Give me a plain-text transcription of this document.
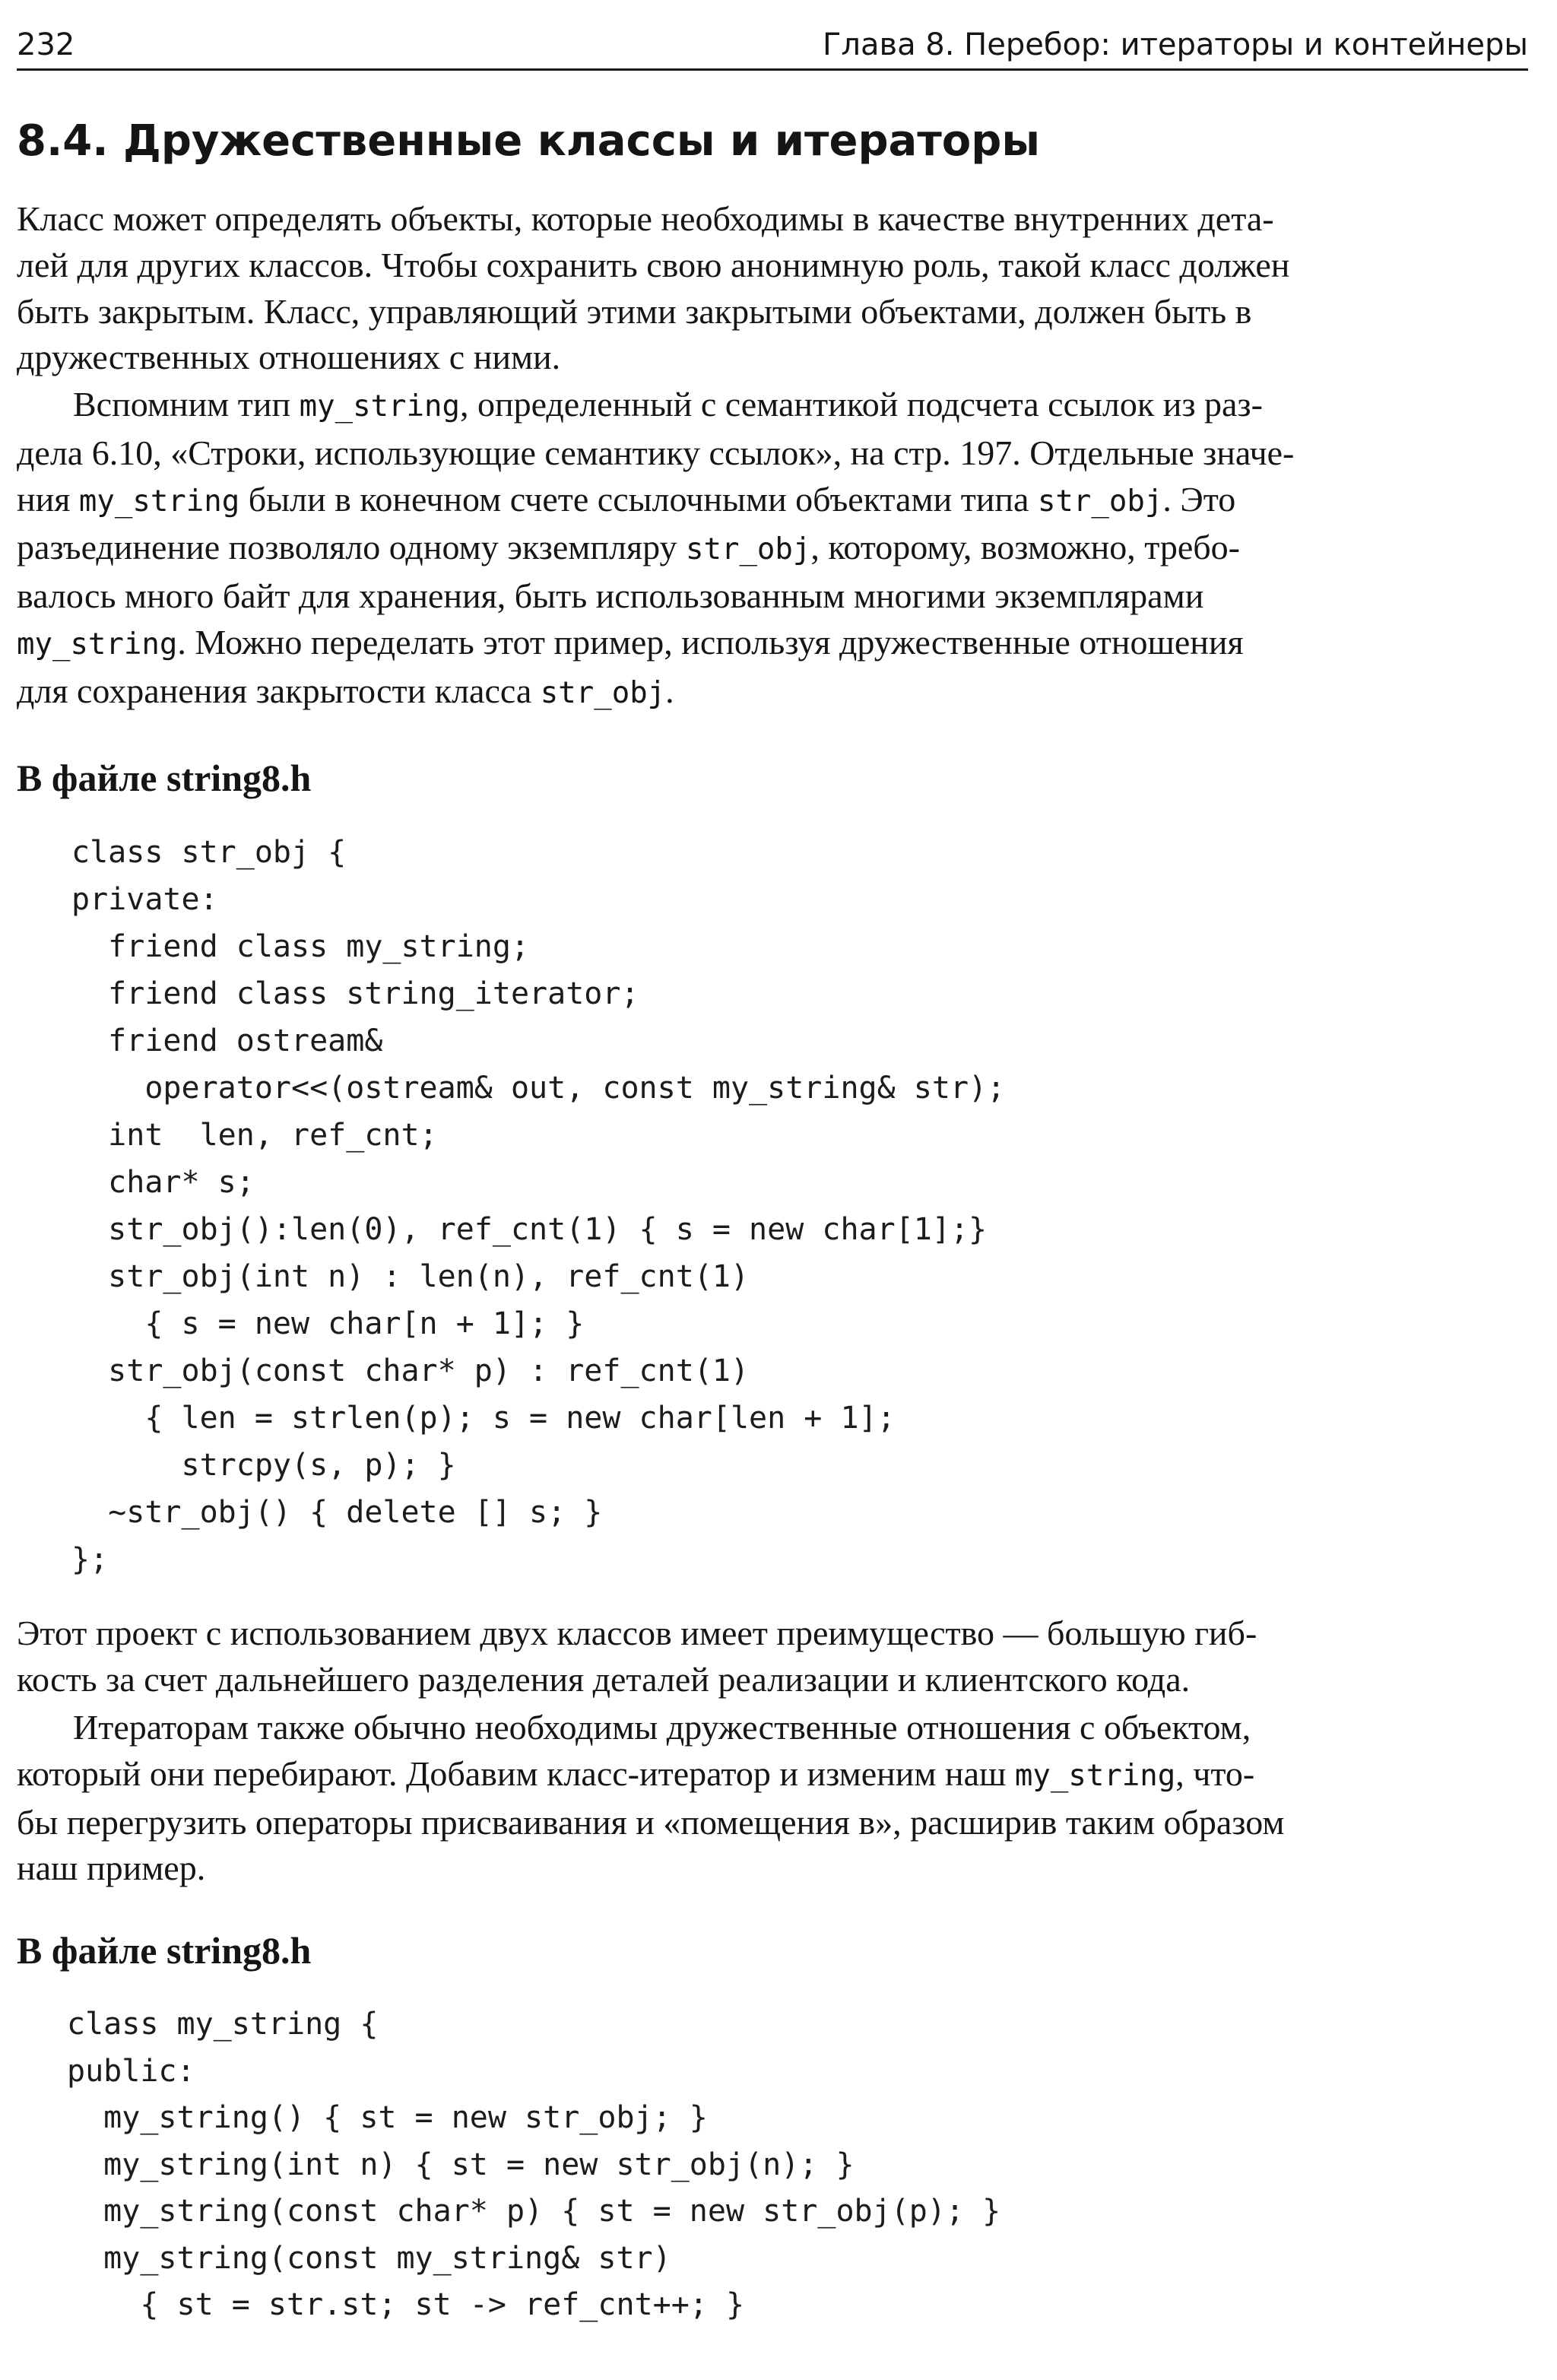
232	Глава 8. Перебор: итераторы и контейнеры
8.4. Дружественные классы и итераторы

Класс может определять объекты, которые необходимы в качестве внутренних дета-
лей для других классов. Чтобы сохранить свою анонимную роль, такой класс должен
быть закрытым. Класс, управляющий этими закрытыми объектами, должен быть в
дружественных отношениях с ними.

Вспомним тип my_string, определенный с семантикой подсчета ссылок из раз-
дела 6.10, «Строки, использующие семантику ссылок», на стр. 197. Отдельные значе-
ния my_string были в конечном счете ссылочными объектами типа str_obj. Это
разъединение позволяло одному экземпляру str_obj, которому, возможно, требо-
валось много байт для хранения, быть использованным многими экземплярами
my_string. Можно переделать этот пример, используя дружественные отношения
для сохранения закрытости класса str_obj.

В файле string8.h
class str_obj {
private:
friend class my_string;
friend class string_iterator;
friend ostream&
operator<<(ostream& out, const my_string& str);
int  len, ref_cnt;
char* s;
str_obj():len(0), ref_cnt(1) { s = new char[1];}
str_obj(int n) : len(n), ref_cnt(1)
{ s = new char[n + 1]; }
str_obj(const char* p) : ref_cnt(1)
{ len = strlen(p); s = new char[len + 1];
strcpy(s, p); }
~str_obj() { delete [] s; }
};

Этот проект с использованием двух классов имеет преимущество — большую гиб-
кость за счет дальнейшего разделения деталей реализации и клиентского кода.

Итераторам также обычно необходимы дружественные отношения с объектом,
который они перебирают. Добавим класс-итератор и изменим наш my_string, что-
бы перегрузить операторы присваивания и «помещения в», расширив таким образом
наш пример.

В файле string8.h
class my_string {
public:
my_string() { st = new str_obj; }
my_string(int n) { st = new str_obj(n); }
my_string(const char* p) { st = new str_obj(p); }
my_string(const my_string& str)
{ st = str.st; st -> ref_cnt++; }
